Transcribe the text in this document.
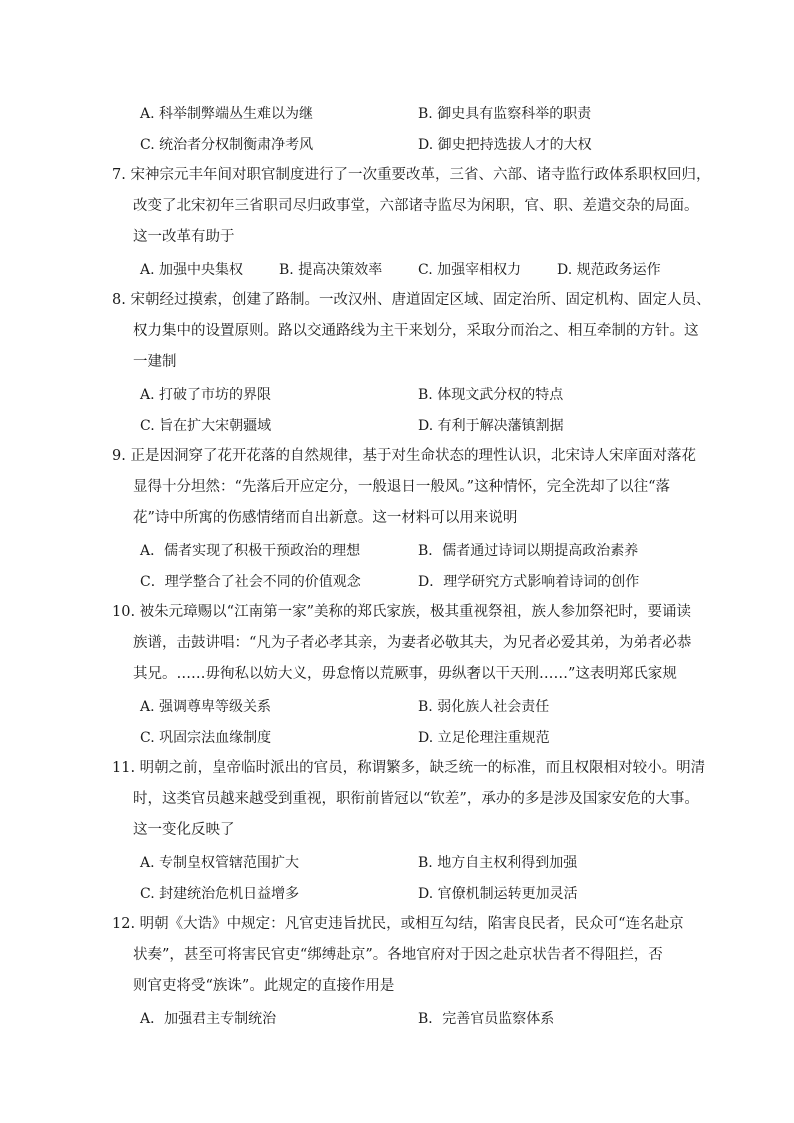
A. 科举制弊端丛生难以为继	B. 御史具有监察科举的职责
C. 统治者分权制衡肃净考风	D. 御史把持选拔人才的大权
7. 宋神宗元丰年间对职官制度进行了一次重要改革，三省、六部、诸寺监行政体系职权回归，
改变了北宋初年三省职司尽归政事堂，六部诸寺监尽为闲职，官、职、差遣交杂的局面。
这一改革有助于
A. 加强中央集权	B. 提高决策效率	C. 加强宰相权力	D. 规范政务运作
8. 宋朝经过摸索，创建了路制。一改汉州、唐道固定区域、固定治所、固定机构、固定人员、
权力集中的设置原则。路以交通路线为主干来划分，采取分而治之、相互牵制的方针。这
一建制
A. 打破了市坊的界限	B. 体现文武分权的特点
C. 旨在扩大宋朝疆域	D. 有利于解决藩镇割据
9. 正是因洞穿了花开花落的自然规律，基于对生命状态的理性认识，北宋诗人宋庠面对落花
显得十分坦然：“先落后开应定分，一般退日一般风。”这种情怀，完全洗却了以往“落
花”诗中所寓的伤感情绪而自出新意。这一材料可以用来说明
A．儒者实现了积极干预政治的理想	B．儒者通过诗词以期提高政治素养
C．理学整合了社会不同的价值观念	D．理学研究方式影响着诗词的创作
10. 被朱元璋赐以“江南第一家”美称的郑氏家族，极其重视祭祖，族人参加祭祀时，要诵读
族谱，击鼓讲唱：“凡为子者必孝其亲，为妻者必敬其夫，为兄者必爱其弟，为弟者必恭
其兄。……毋徇私以妨大义，毋怠惰以荒厥事，毋纵奢以干天刑……”这表明郑氏家规
A. 强调尊卑等级关系	B. 弱化族人社会责任
C. 巩固宗法血缘制度	D. 立足伦理注重规范
11. 明朝之前，皇帝临时派出的官员，称谓繁多，缺乏统一的标准，而且权限相对较小。明清
时，这类官员越来越受到重视，职衔前皆冠以“钦差”，承办的多是涉及国家安危的大事。
这一变化反映了
A. 专制皇权管辖范围扩大	B. 地方自主权利得到加强
C. 封建统治危机日益增多	D. 官僚机制运转更加灵活
12. 明朝《大诰》中规定：凡官吏违旨扰民，或相互勾结，陷害良民者，民众可“连名赴京
状奏”，甚至可将害民官吏“绑缚赴京”。各地官府对于因之赴京状告者不得阻拦，否
则官吏将受“族诛”。此规定的直接作用是
A．加强君主专制统治	B．完善官员监察体系
